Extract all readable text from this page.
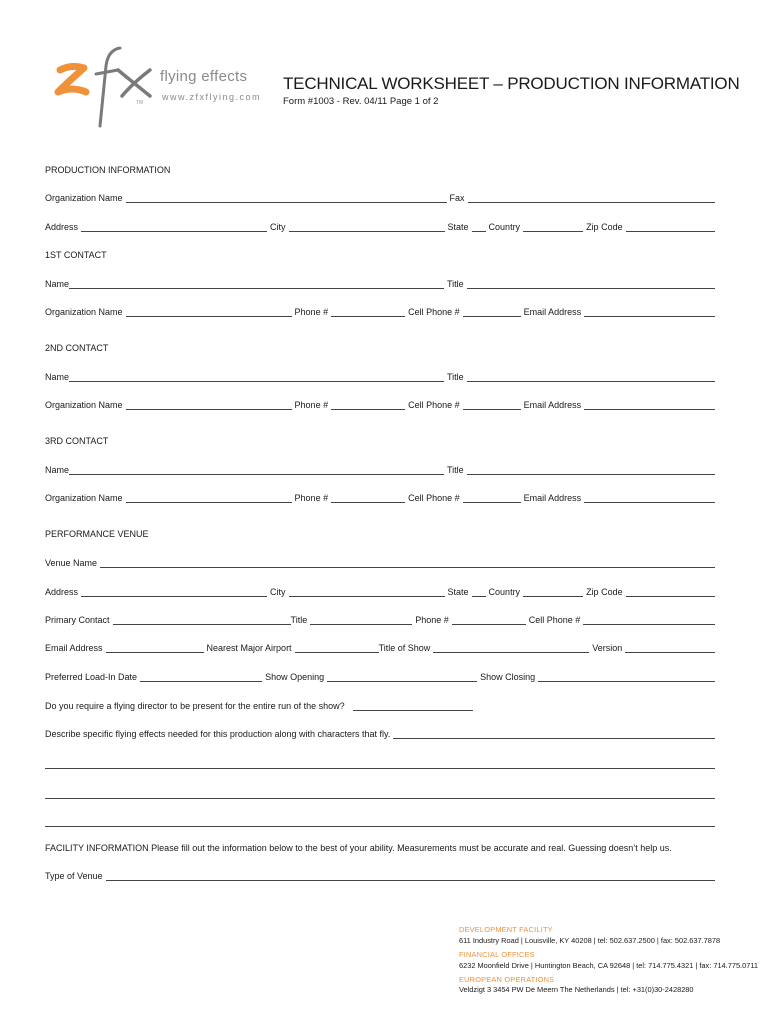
flying effects
www.zfxflying.com
TM
TECHNICAL WORKSHEET – PRODUCTION INFORMATION
Form #1003 - Rev. 04/11 Page 1 of 2
PRODUCTION INFORMATION
Organization Name	Fax
Address	City	State Country	Zip Code
1ST CONTACT
Name	Title
Organization Name	Phone #	Cell Phone #	Email Address
2ND CONTACT
Name	Title
Organization Name	Phone #	Cell Phone #	Email Address
3RD CONTACT
Name	Title
Organization Name	Phone #	Cell Phone #	Email Address
PERFORMANCE VENUE
Venue Name
Address	City	State Country	Zip Code
Primary Contact	Title	Phone #	Cell Phone #
Email Address	Nearest Major Airport	Title of Show	Version
Preferred Load-In Date	Show Opening	Show Closing
Do you require a flying director to be present for the entire run of the show?
Describe specific flying effects needed for this production along with characters that fly.
FACILITY INFORMATION Please fill out the information below to the best of your ability. Measurements must be accurate and real. Guessing doesn’t help us.
Type of Venue
DEVELOPMENT FACILITY
611 Industry Road | Louisville, KY 40208 | tel: 502.637.2500 | fax: 502.637.7878
FINANCIAL OFFICES
6232 Moonfield Drive | Huntington Beach, CA 92648 | tel: 714.775.4321 | fax: 714.775.0711
EUROPEAN OPERATIONS
Veldzigt 3 3454 PW De Meern The Netherlands | tel: +31(0)30-2428280
